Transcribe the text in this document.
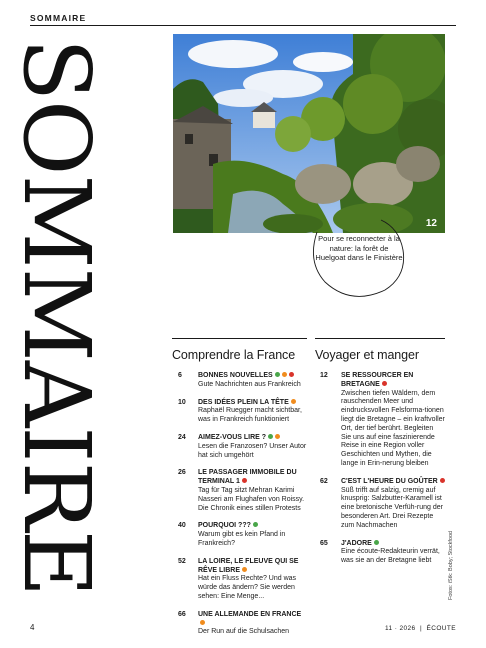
SOMMAIRE
SOMMAIRE	12
Pour se reconnecter à la nature: la forêt de Huelgoat dans le Finistère
Comprendre la France
6 BONNES NOUVELLES
Gute Nachrichten aus Frankreich
10 DES IDÉES PLEIN LA TÊTE
Raphaël Ruegger macht sichtbar, was in Frankreich funktioniert
24 AIMEZ-VOUS LIRE ?
Lesen die Franzosen? Unser Autor hat sich umgehört
26 LE PASSAGER IMMOBILE DU TERMINAL 1
Tag für Tag sitzt Mehran Karimi Nasseri am Flughafen von Roissy. Die Chronik eines stillen Protests
40 POURQUOI ???
Warum gibt es kein Pfand in Frankreich?
52 LA LOIRE, LE FLEUVE QUI SE RÊVE LIBRE
Hat ein Fluss Rechte? Und was würde das ändern? Sie werden sehen: Eine Menge...
66 UNE ALLEMANDE EN FRANCE
Der Run auf die Schulsachen
Voyager et manger
12 SE RESSOURCER EN BRETAGNE
Zwischen tiefen Wäldern, dem rauschenden Meer und eindrucksvollen Felsforma-tionen liegt die Bretagne – ein kraftvoller Ort, der tief berührt. Begleiten Sie uns auf eine faszinierende Reise in eine Region voller Geschichten und Mythen, die lange in Erin-nerung bleiben
62 C'EST L'HEURE DU GOÛTER
Süß trifft auf salzig, cremig auf knusprig: Salzbutter-Karamell ist eine bretonische Verfüh-rung der besonderen Art. Drei Rezepte zum Nachmachen
65 J'ADORE
Eine écoute-Redakteurin verrät, was sie an der Bretagne liebt
4	11 · 2026 | ÉCOUTE
Fotos: iStk: Boby; Stockfood
